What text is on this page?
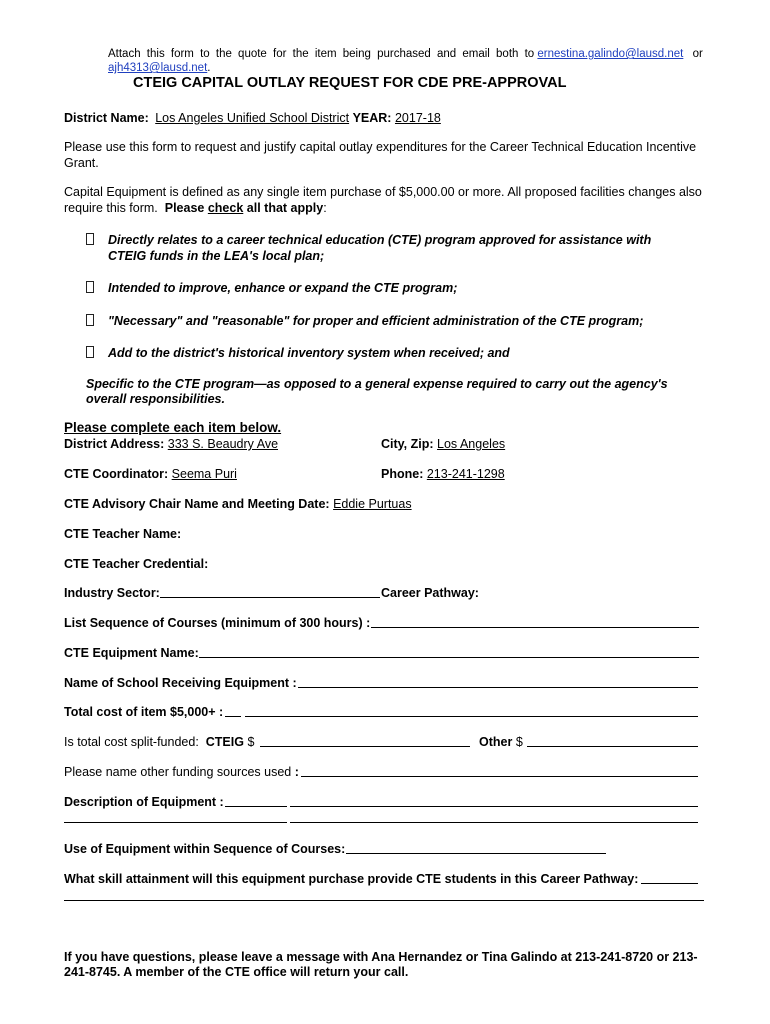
Attach this form to the quote for the item being purchased and email both to ernestina.galindo@lausd.net or
ajh4313@lausd.net.
CTEIG CAPITAL OUTLAY REQUEST FOR CDE PRE-APPROVAL
District Name: Los Angeles Unified School District YEAR: 2017-18
Please use this form to request and justify capital outlay expenditures for the Career Technical Education Incentive Grant.
Capital Equipment is defined as any single item purchase of $5,000.00 or more. All proposed facilities changes also require this form. Please check all that apply:
Directly relates to a career technical education (CTE) program approved for assistance with
CTEIG funds in the LEA's local plan;
Intended to improve, enhance or expand the CTE program;
"Necessary" and "reasonable" for proper and efficient administration of the CTE program;
Add to the district's historical inventory system when received; and
Specific to the CTE program—as opposed to a general expense required to carry out the agency's
overall responsibilities.
Please complete each item below.
District Address: 333 S. Beaudry Ave	City, Zip: Los Angeles
CTE Coordinator: Seema Puri	Phone: 213-241-1298
CTE Advisory Chair Name and Meeting Date: Eddie Purtuas
CTE Teacher Name:
CTE Teacher Credential:
Industry Sector:	Career Pathway:
List Sequence of Courses (minimum of 300 hours) :
CTE Equipment Name:
Name of School Receiving Equipment :
Total cost of item $5,000+ :
Is total cost split-funded: CTEIG $	Other $
Please name other funding sources used :
Description of Equipment :
Use of Equipment within Sequence of Courses:
What skill attainment will this equipment purchase provide CTE students in this Career Pathway:
If you have questions, please leave a message with Ana Hernandez or Tina Galindo at 213-241-8720 or 213-
241-8745. A member of the CTE office will return your call.
